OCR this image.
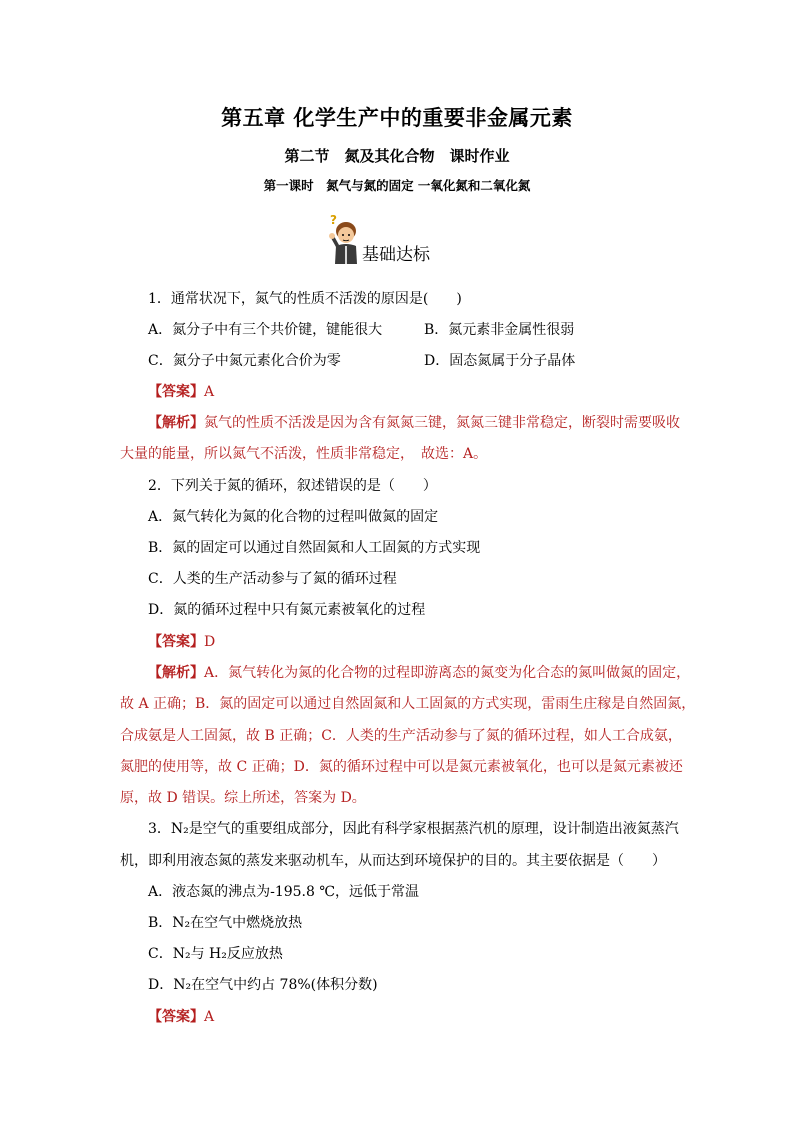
第五章 化学生产中的重要非金属元素
第二节　氮及其化合物　课时作业
第一课时　氮气与氮的固定 一氧化氮和二氧化氮
?
基础达标
1．通常状况下，氮气的性质不活泼的原因是(　　)
A．氮分子中有三个共价键，键能很大	B．氮元素非金属性很弱
C．氮分子中氮元素化合价为零	D．固态氮属于分子晶体
【答案】A
【解析】氮气的性质不活泼是因为含有氮氮三键，氮氮三键非常稳定，断裂时需要吸收
大量的能量，所以氮气不活泼，性质非常稳定，　故选：A。
2．下列关于氮的循环，叙述错误的是（　　）
A．氮气转化为氮的化合物的过程叫做氮的固定
B．氮的固定可以通过自然固氮和人工固氮的方式实现
C．人类的生产活动参与了氮的循环过程
D．氮的循环过程中只有氮元素被氧化的过程
【答案】D
【解析】A．氮气转化为氮的化合物的过程即游离态的氮变为化合态的氮叫做氮的固定，
故 A 正确；B．氮的固定可以通过自然固氮和人工固氮的方式实现，雷雨生庄稼是自然固氮，
合成氨是人工固氮，故 B 正确；C．人类的生产活动参与了氮的循环过程，如人工合成氨，
氮肥的使用等，故 C 正确；D．氮的循环过程中可以是氮元素被氧化，也可以是氮元素被还
原，故 D 错误。综上所述，答案为 D。
3．N₂是空气的重要组成部分，因此有科学家根据蒸汽机的原理，设计制造出液氮蒸汽
机，即利用液态氮的蒸发来驱动机车，从而达到环境保护的目的。其主要依据是（　　）
A．液态氮的沸点为-195.8 ℃，远低于常温
B．N₂在空气中燃烧放热
C．N₂与 H₂反应放热
D．N₂在空气中约占 78%(体积分数)
【答案】A
